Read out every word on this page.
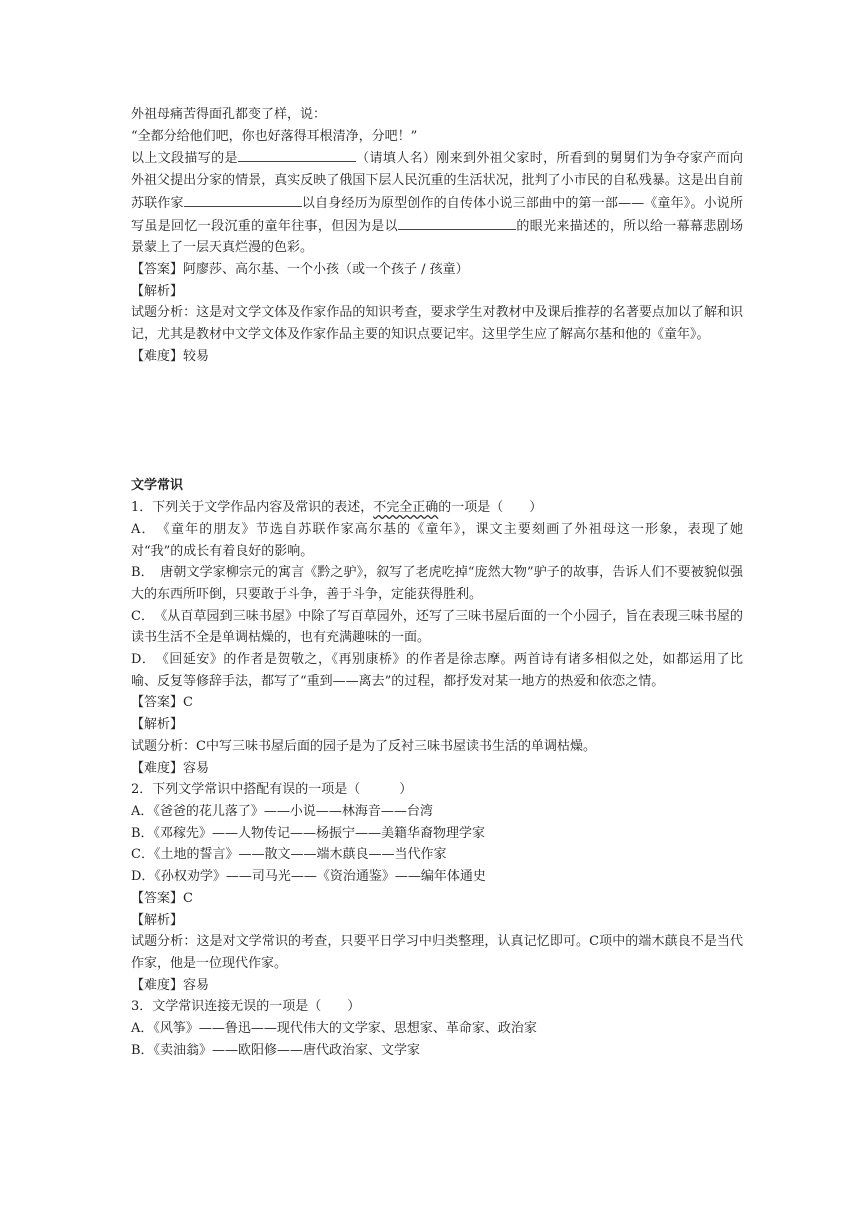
外祖母痛苦得面孔都变了样，说：

“全都分给他们吧，你也好落得耳根清净，分吧！”

以上文段描写的是	（请填人名）刚来到外祖父家时，所看到的舅舅们为争夺家产而向外祖父提出分家的情景，真实反映了俄国下层人民沉重的生活状况，批判了小市民的自私残暴。这是出自前苏联作家	以自身经历为原型创作的自传体小说三部曲中的第一部——《童年》。小说所写虽是回忆一段沉重的童年往事，但因为是以	的眼光来描述的，所以给一幕幕悲剧场景蒙上了一层天真烂漫的色彩。

【答案】阿廖莎、高尔基、一个小孩（或一个孩子 / 孩童）

【解析】

试题分析：这是对文学文体及作家作品的知识考查，要求学生对教材中及课后推荐的名著要点加以了解和识记，尤其是教材中文学文体及作家作品主要的知识点要记牢。这里学生应了解高尔基和他的《童年》。

【难度】较易

文学常识

1．下列关于文学作品内容及常识的表述，不完全正确的一项是（　　）

A．　《童年的朋友》节选自苏联作家高尔基的《童年》，课文主要刻画了外祖母这一形象，表现了她对“我”的成长有着良好的影响。

B．　唐朝文学家柳宗元的寓言《黔之驴》，叙写了老虎吃掉“庞然大物”驴子的故事，告诉人们不要被貌似强大的东西所吓倒，只要敢于斗争，善于斗争，定能获得胜利。

C．　《从百草园到三味书屋》中除了写百草园外，还写了三味书屋后面的一个小园子，旨在表现三味书屋的读书生活不全是单调枯燥的，也有充满趣味的一面。

D．　《回延安》的作者是贺敬之，《再别康桥》的作者是徐志摩。两首诗有诸多相似之处，如都运用了比喻、反复等修辞手法，都写了“重到——离去”的过程，都抒发对某一地方的热爱和依恋之情。

【答案】C

【解析】

试题分析：C中写三味书屋后面的园子是为了反衬三味书屋读书生活的单调枯燥。

【难度】容易

2．下列文学常识中搭配有误的一项是（　　　）

A．《爸爸的花儿落了》——小说——林海音——台湾

B．《邓稼先》——人物传记——杨振宁——美籍华裔物理学家

C．《土地的誓言》——散文——端木蕻良——当代作家

D．《孙权劝学》——司马光——《资治通鉴》——编年体通史

【答案】C

【解析】

试题分析：这是对文学常识的考查，只要平日学习中归类整理，认真记忆即可。C项中的端木蕻良不是当代作家，他是一位现代作家。

【难度】容易

3．文学常识连接无误的一项是（　　）

A．《风筝》——鲁迅——现代伟大的文学家、思想家、革命家、政治家

B．《卖油翁》——欧阳修——唐代政治家、文学家
